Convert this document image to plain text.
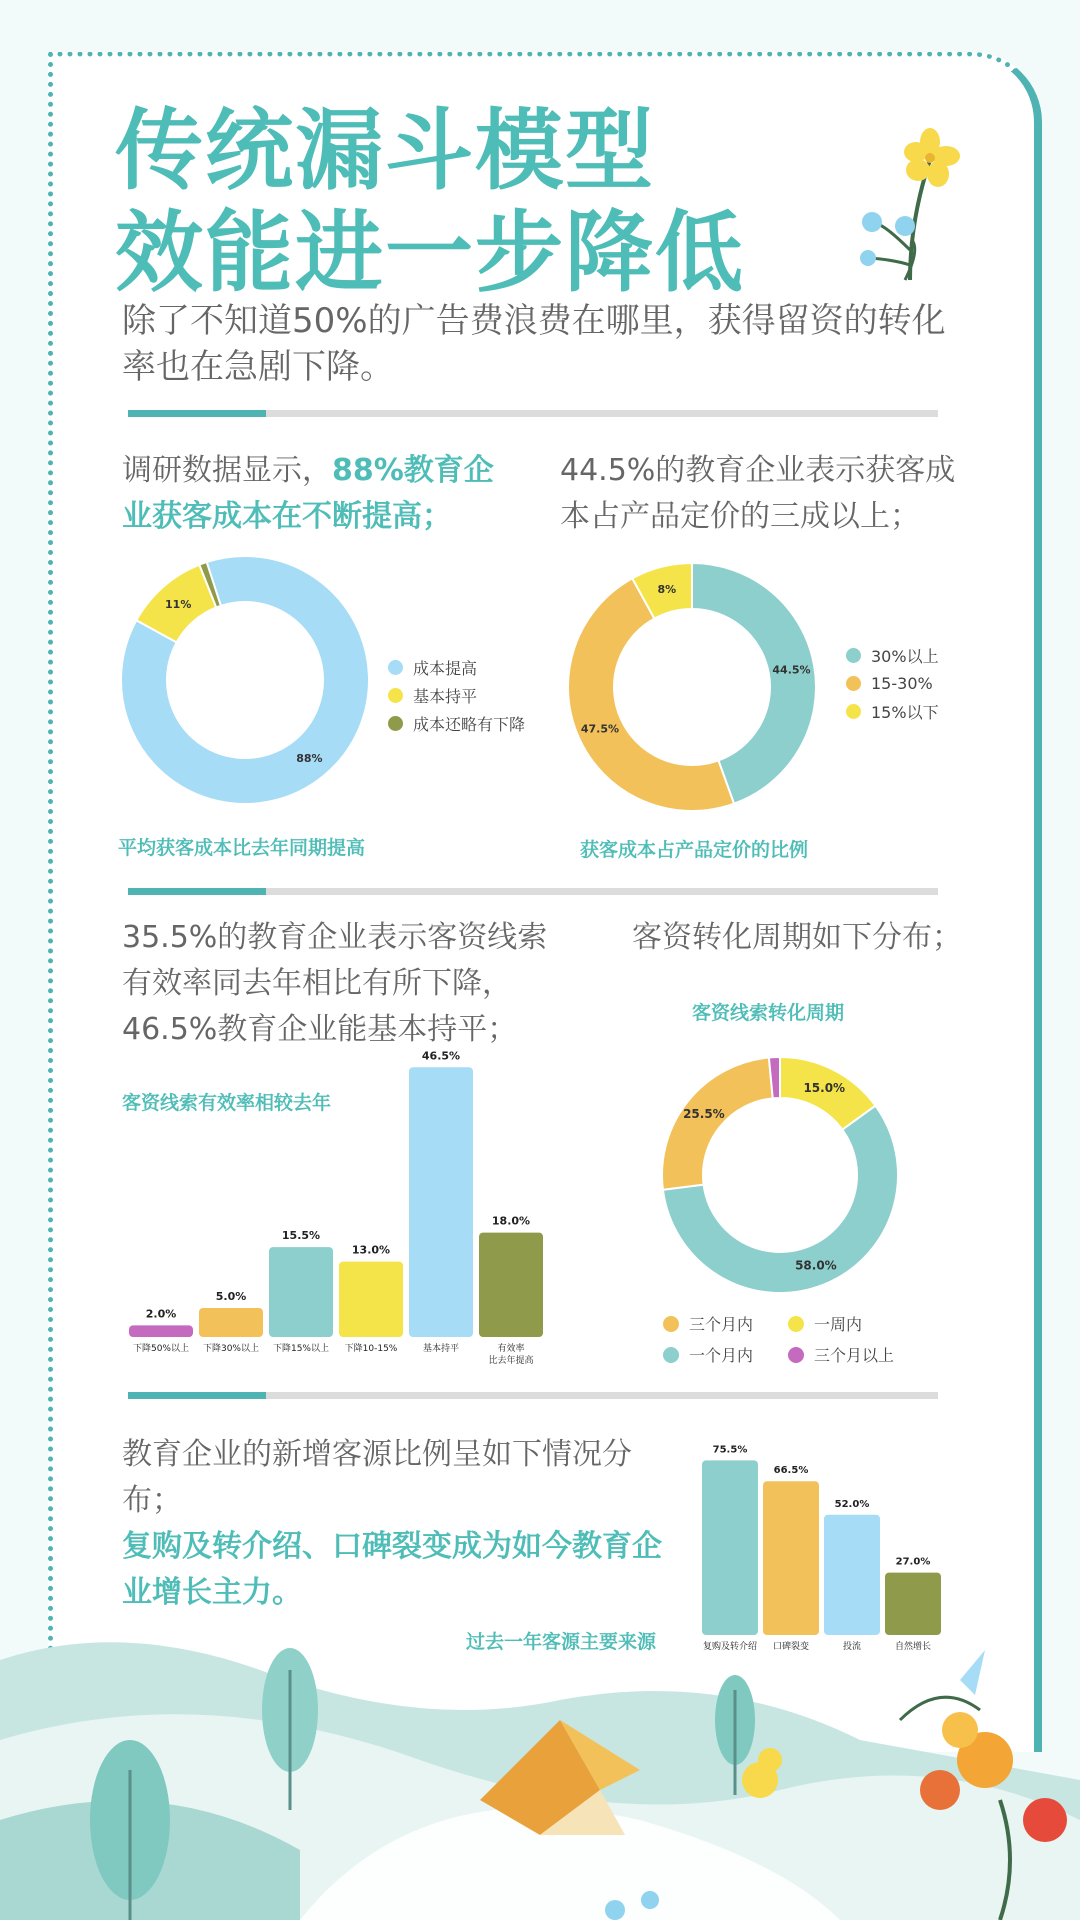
传统漏斗模型
效能进一步降低
除了不知道50%的广告费浪费在哪里，获得留资的转化率也在急剧下降。
调研数据显示，88%教育企业获客成本在不断提高；
44.5%的教育企业表示获客成本占产品定价的三成以上；
88%
11%
成本提高
基本持平
成本还略有下降
平均获客成本比去年同期提高
44.5%
47.5%
8%
30%以上
15-30%
15%以下
获客成本占产品定价的比例
35.5%的教育企业表示客资线索有效率同去年相比有所下降，46.5%教育企业能基本持平；
客资转化周期如下分布；
客资线索有效率相较去年
客资线索转化周期
2.0%
下降50%以上
5.0%
下降30%以上
15.5%
下降15%以上
13.0%
下降10-15%
46.5%
基本持平
18.0%
有效率
比去年提高
15.0%
58.0%
25.5%
三个月内	一周内
一个月内	三个月以上
教育企业的新增客源比例呈如下情况分布；
复购及转介绍、口碑裂变成为如今教育企业增长主力。
过去一年客源主要来源
75.5%
复购及转介绍
66.5%
口碑裂变
52.0%
投流
27.0%
自然增长
